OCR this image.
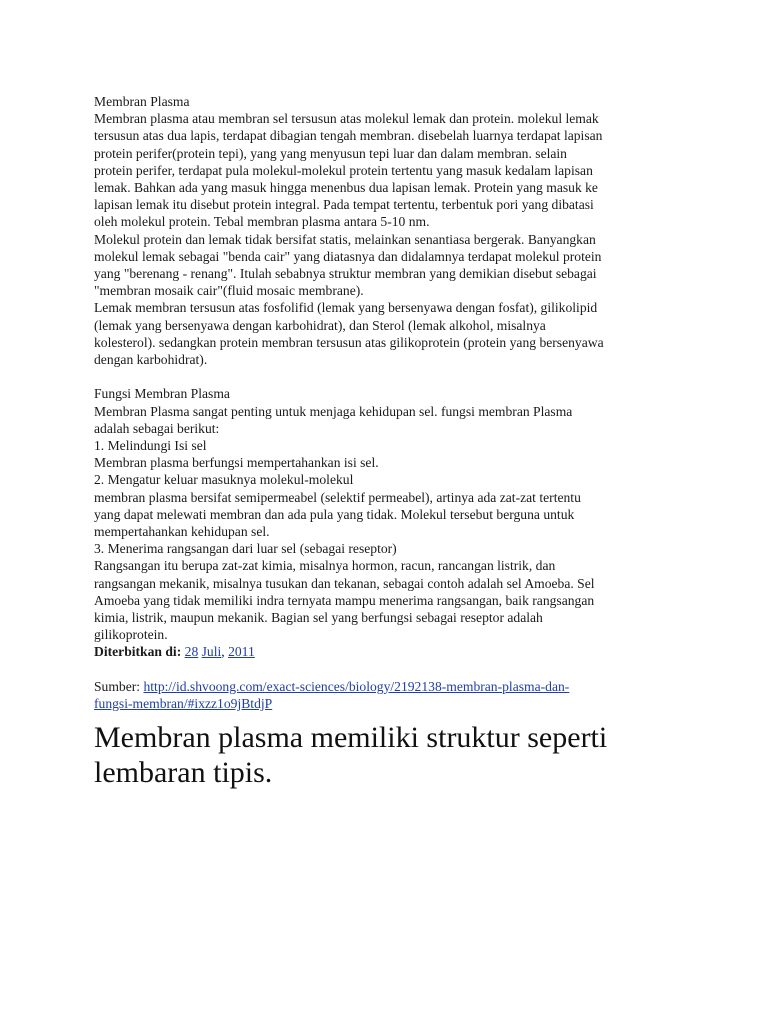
Membran Plasma
Membran plasma atau membran sel tersusun atas molekul lemak dan protein. molekul lemak
tersusun atas dua lapis, terdapat dibagian tengah membran. disebelah luarnya terdapat lapisan
protein perifer(protein tepi), yang yang menyusun tepi luar dan dalam membran. selain
protein perifer, terdapat pula molekul-molekul protein tertentu yang masuk kedalam lapisan
lemak. Bahkan ada yang masuk hingga menenbus dua lapisan lemak. Protein yang masuk ke
lapisan lemak itu disebut protein integral. Pada tempat tertentu, terbentuk pori yang dibatasi
oleh molekul protein. Tebal membran plasma antara 5-10 nm.
Molekul protein dan lemak tidak bersifat statis, melainkan senantiasa bergerak. Banyangkan
molekul lemak sebagai "benda cair" yang diatasnya dan didalamnya terdapat molekul protein
yang "berenang - renang". Itulah sebabnya struktur membran yang demikian disebut sebagai
"membran mosaik cair"(fluid mosaic membrane).
Lemak membran tersusun atas fosfolifid (lemak yang bersenyawa dengan fosfat), gilikolipid
(lemak yang bersenyawa dengan karbohidrat), dan Sterol (lemak alkohol, misalnya
kolesterol). sedangkan protein membran tersusun atas gilikoprotein (protein yang bersenyawa
dengan karbohidrat).
Fungsi Membran Plasma
Membran Plasma sangat penting untuk menjaga kehidupan sel. fungsi membran Plasma
adalah sebagai berikut:
1. Melindungi Isi sel
Membran plasma berfungsi mempertahankan isi sel.
2. Mengatur keluar masuknya molekul-molekul
membran plasma bersifat semipermeabel (selektif permeabel), artinya ada zat-zat tertentu
yang dapat melewati membran dan ada pula yang tidak. Molekul tersebut berguna untuk
mempertahankan kehidupan sel.
3. Menerima rangsangan dari luar sel (sebagai reseptor)
Rangsangan itu berupa zat-zat kimia, misalnya hormon, racun, rancangan listrik, dan
rangsangan mekanik, misalnya tusukan dan tekanan, sebagai contoh adalah sel Amoeba. Sel
Amoeba yang tidak memiliki indra ternyata mampu menerima rangsangan, baik rangsangan
kimia, listrik, maupun mekanik. Bagian sel yang berfungsi sebagai reseptor adalah
gilikoprotein.
Diterbitkan di: 28 Juli, 2011
Sumber: http://id.shvoong.com/exact-sciences/biology/2192138-membran-plasma-dan-
fungsi-membran/#ixzz1o9jBtdjP
Membran plasma memiliki struktur seperti
lembaran tipis.
